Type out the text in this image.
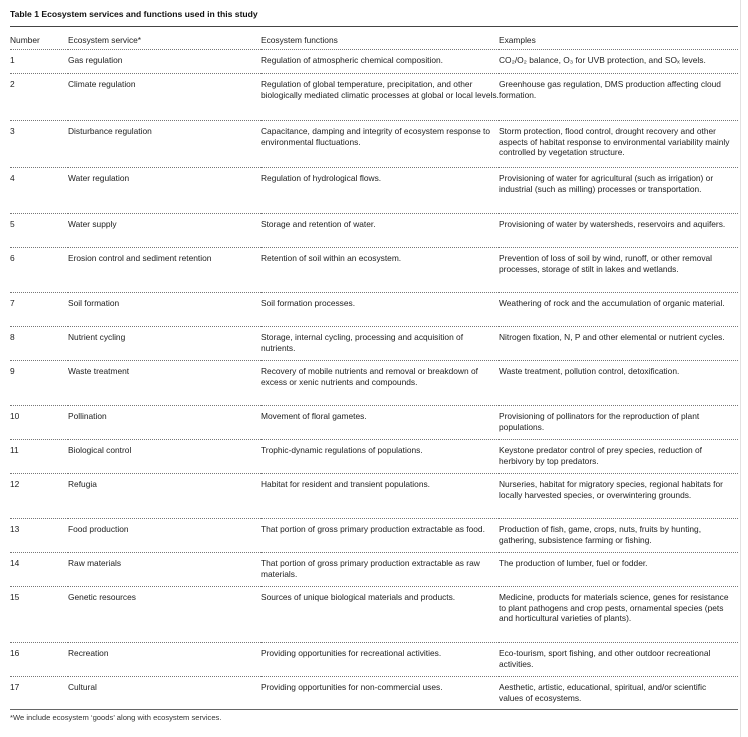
Table 1 Ecosystem services and functions used in this study
Number	Ecosystem service*	Ecosystem functions	Examples
1	Gas regulation	Regulation of atmospheric chemical composition.	CO₂/O₂ balance, O₃ for UVB protection, and SOₓ levels.
2	Climate regulation	Regulation of global temperature, precipitation, and other biologically mediated climatic processes at global or local levels.	Greenhouse gas regulation, DMS production affecting cloud formation.
3	Disturbance regulation	Capacitance, damping and integrity of ecosystem response to environmental fluctuations.	Storm protection, flood control, drought recovery and other aspects of habitat response to environmental variability mainly controlled by vegetation structure.
4	Water regulation	Regulation of hydrological flows.	Provisioning of water for agricultural (such as irrigation) or industrial (such as milling) processes or transportation.
5	Water supply	Storage and retention of water.	Provisioning of water by watersheds, reservoirs and aquifers.
6	Erosion control and sediment retention	Retention of soil within an ecosystem.	Prevention of loss of soil by wind, runoff, or other removal processes, storage of stilt in lakes and wetlands.
7	Soil formation	Soil formation processes.	Weathering of rock and the accumulation of organic material.
8	Nutrient cycling	Storage, internal cycling, processing and acquisition of nutrients.	Nitrogen fixation, N, P and other elemental or nutrient cycles.
9	Waste treatment	Recovery of mobile nutrients and removal or breakdown of excess or xenic nutrients and compounds.	Waste treatment, pollution control, detoxification.
10	Pollination	Movement of floral gametes.	Provisioning of pollinators for the reproduction of plant populations.
11	Biological control	Trophic-dynamic regulations of populations.	Keystone predator control of prey species, reduction of herbivory by top predators.
12	Refugia	Habitat for resident and transient populations.	Nurseries, habitat for migratory species, regional habitats for locally harvested species, or overwintering grounds.
13	Food production	That portion of gross primary production extractable as food.	Production of fish, game, crops, nuts, fruits by hunting, gathering, subsistence farming or fishing.
14	Raw materials	That portion of gross primary production extractable as raw materials.	The production of lumber, fuel or fodder.
15	Genetic resources	Sources of unique biological materials and products.	Medicine, products for materials science, genes for resistance to plant pathogens and crop pests, ornamental species (pets and horticultural varieties of plants).
16	Recreation	Providing opportunities for recreational activities.	Eco-tourism, sport fishing, and other outdoor recreational activities.
17	Cultural	Providing opportunities for non-commercial uses.	Aesthetic, artistic, educational, spiritual, and/or scientific values of ecosystems.
*We include ecosystem ‘goods’ along with ecosystem services.
